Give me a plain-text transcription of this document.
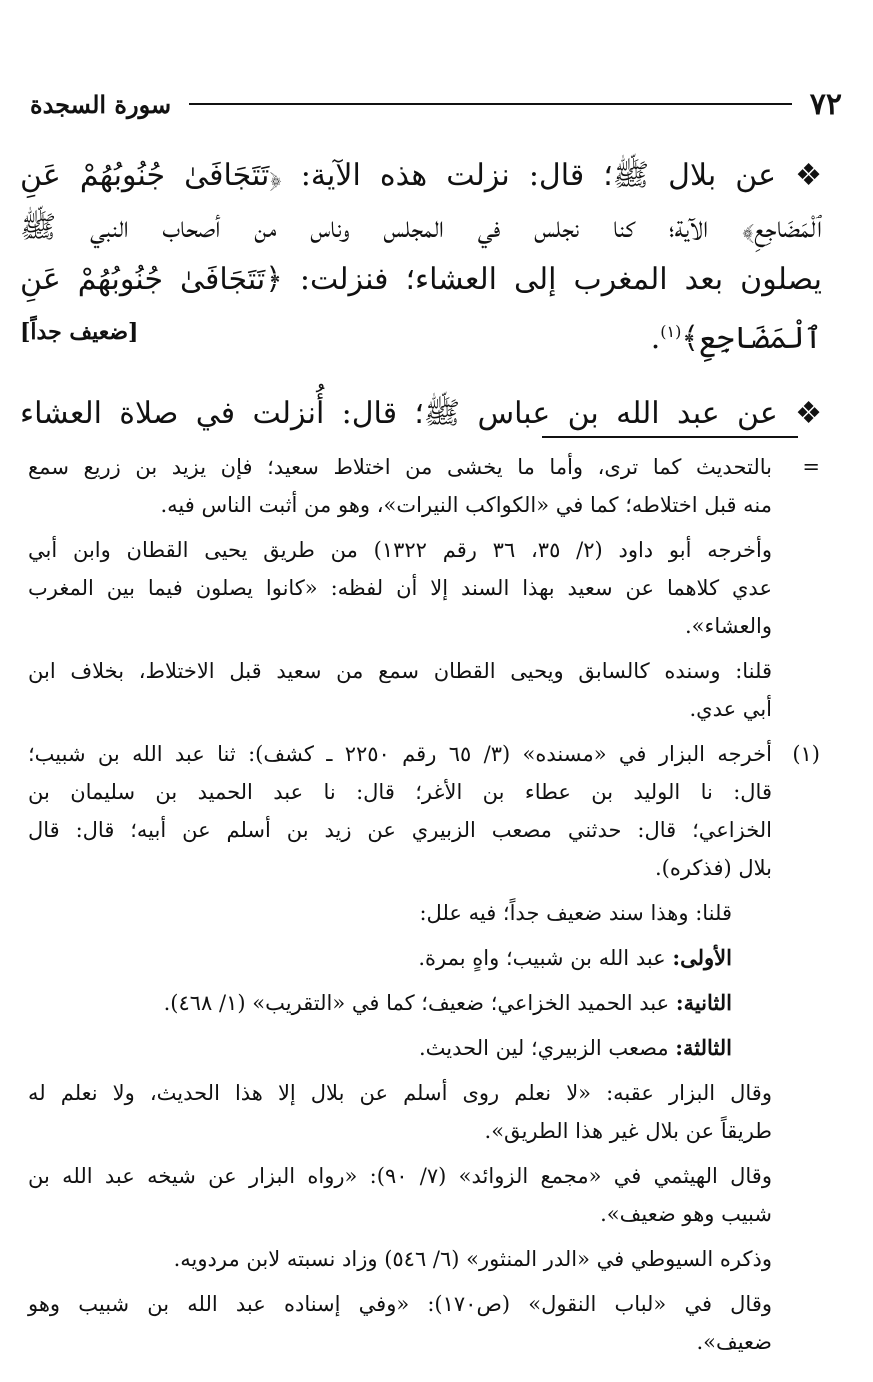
٧٢
سورة السجدة
❖ عن بلال ﷺ؛ قال: نزلت هذه الآية: ﴿تَتَجَافَىٰ جُنُوبُهُمْ عَنِ
ٱلْمَضَاجِعِ﴾ الآية؛ كنا نجلس في المجلس وناس من أصحاب النبي ﷺ
يصلون بعد المغرب إلى العشاء؛ فنزلت: ﴿تَتَجَافَىٰ جُنُوبُهُمْ عَنِ
ٱلْمَضَاجِعِ﴾$^{(١)}$.
[ضعيف جداً]
❖ عن عبد الله بن عباس ﷺ؛ قال: أُنزلت في صلاة العشاء
=
بالتحديث كما ترى، وأما ما يخشى من اختلاط سعيد؛ فإن يزيد بن زريع سمع
منه قبل اختلاطه؛ كما في «الكواكب النيرات»، وهو من أثبت الناس فيه.
وأخرجه أبو داود (٢/ ٣٥، ٣٦ رقم ١٣٢٢) من طريق يحيى القطان وابن أبي
عدي كلاهما عن سعيد بهذا السند إلا أن لفظه: «كانوا يصلون فيما بين المغرب
والعشاء».
قلنا: وسنده كالسابق ويحيى القطان سمع من سعيد قبل الاختلاط، بخلاف ابن
أبي عدي.
(١)
أخرجه البزار في «مسنده» (٣/ ٦٥ رقم ٢٢٥٠ ـ كشف): ثنا عبد الله بن شبيب؛
قال: نا الوليد بن عطاء بن الأغر؛ قال: نا عبد الحميد بن سليمان بن
الخزاعي؛ قال: حدثني مصعب الزبيري عن زيد بن أسلم عن أبيه؛ قال: قال
بلال (فذكره).
قلنا: وهذا سند ضعيف جداً؛ فيه علل:
الأولى: عبد الله بن شبيب؛ واهٍ بمرة.
الثانية: عبد الحميد الخزاعي؛ ضعيف؛ كما في «التقريب» (١/ ٤٦٨).
الثالثة: مصعب الزبيري؛ لين الحديث.
وقال البزار عقبه: «لا نعلم روى أسلم عن بلال إلا هذا الحديث، ولا نعلم له
طريقاً عن بلال غير هذا الطريق».
وقال الهيثمي في «مجمع الزوائد» (٧/ ٩٠): «رواه البزار عن شيخه عبد الله بن
شبيب وهو ضعيف».
وذكره السيوطي في «الدر المنثور» (٦/ ٥٤٦) وزاد نسبته لابن مردويه.
وقال في «لباب النقول» (ص١٧٠): «وفي إسناده عبد الله بن شبيب وهو
ضعيف».
